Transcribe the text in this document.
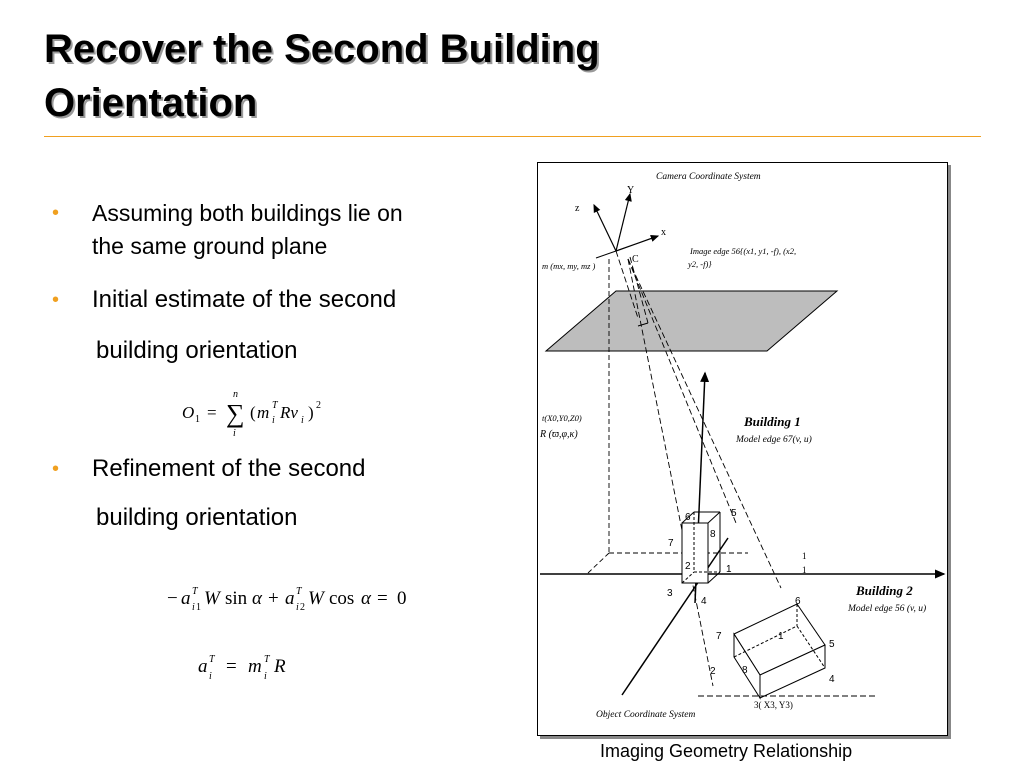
Recover the Second Building
Orientation
• Assuming both buildings lie on
the same ground plane
• Initial estimate of the second
building orientation
O 1 = ∑
n
i
( m T
i Rv i ) 2
• Refinement of the second
building orientation
− a T
i 1 W sin α + a T
i 2 W cos α = 0
a T
i = m T
i R
Camera Coordinate System
Y
z
x
C
m (mx, my, mz )
Image edge 56{(x1, y1, -f), (x2, y2, -f)}
t(X0,Y0,Z0)
R (ϖ,φ,κ)
6	5
7
8
2	1
3
4
Building 1
Model edge 67(v, u)
1
1
Building 2
Model edge 56 (v, u)
6
7	1
5
2	8
4
3( X3, Y3)
Object Coordinate System
Imaging Geometry Relationship
